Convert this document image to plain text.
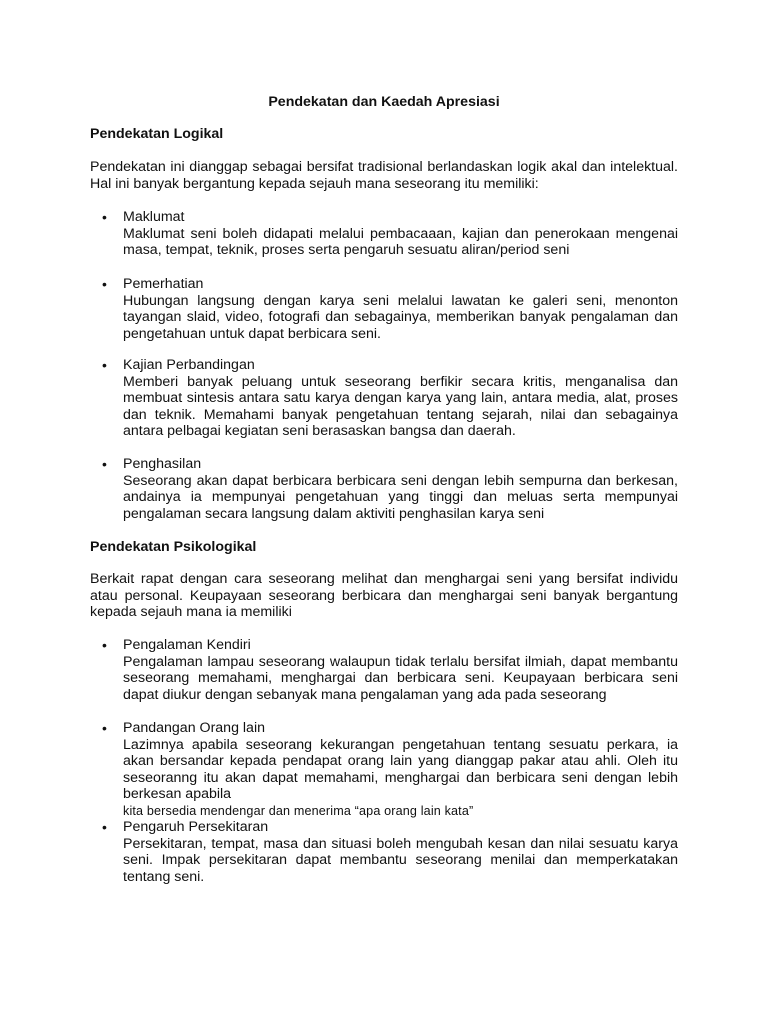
Pendekatan dan Kaedah Apresiasi
Pendekatan Logikal
Pendekatan ini dianggap sebagai bersifat tradisional berlandaskan logik akal dan intelektual. Hal ini banyak bergantung kepada sejauh mana seseorang itu memiliki:
• Maklumat
Maklumat seni boleh didapati melalui pembacaaan, kajian dan penerokaan mengenai masa, tempat, teknik, proses serta pengaruh sesuatu aliran/period seni
• Pemerhatian
Hubungan langsung dengan karya seni melalui lawatan ke galeri seni, menonton tayangan slaid, video, fotografi dan sebagainya, memberikan banyak pengalaman dan pengetahuan untuk dapat berbicara seni.
• Kajian Perbandingan
Memberi banyak peluang untuk seseorang berfikir secara kritis, menganalisa dan membuat sintesis antara satu karya dengan karya yang lain, antara media, alat, proses dan teknik. Memahami banyak pengetahuan tentang sejarah, nilai dan sebagainya antara pelbagai kegiatan seni berasaskan bangsa dan daerah.
• Penghasilan
Seseorang akan dapat berbicara berbicara seni dengan lebih sempurna dan berkesan, andainya ia mempunyai pengetahuan yang tinggi dan meluas serta mempunyai pengalaman secara langsung dalam aktiviti penghasilan karya seni
Pendekatan Psikologikal
Berkait rapat dengan cara seseorang melihat dan menghargai seni yang bersifat individu atau personal. Keupayaan seseorang berbicara dan menghargai seni banyak bergantung kepada sejauh mana ia memiliki
• Pengalaman Kendiri
Pengalaman lampau seseorang walaupun tidak terlalu bersifat ilmiah, dapat membantu seseorang memahami, menghargai dan berbicara seni. Keupayaan berbicara seni dapat diukur dengan sebanyak mana pengalaman yang ada pada seseorang
• Pandangan Orang lain
Lazimnya apabila seseorang kekurangan pengetahuan tentang sesuatu perkara, ia akan bersandar kepada pendapat orang lain yang dianggap pakar atau ahli. Oleh itu seseoranng itu akan dapat memahami, menghargai dan berbicara seni dengan lebih berkesan apabila
kita bersedia mendengar dan menerima “apa orang lain kata”
• Pengaruh Persekitaran
Persekitaran, tempat, masa dan situasi boleh mengubah kesan dan nilai sesuatu karya seni. Impak persekitaran dapat membantu seseorang menilai dan memperkatakan tentang seni.
